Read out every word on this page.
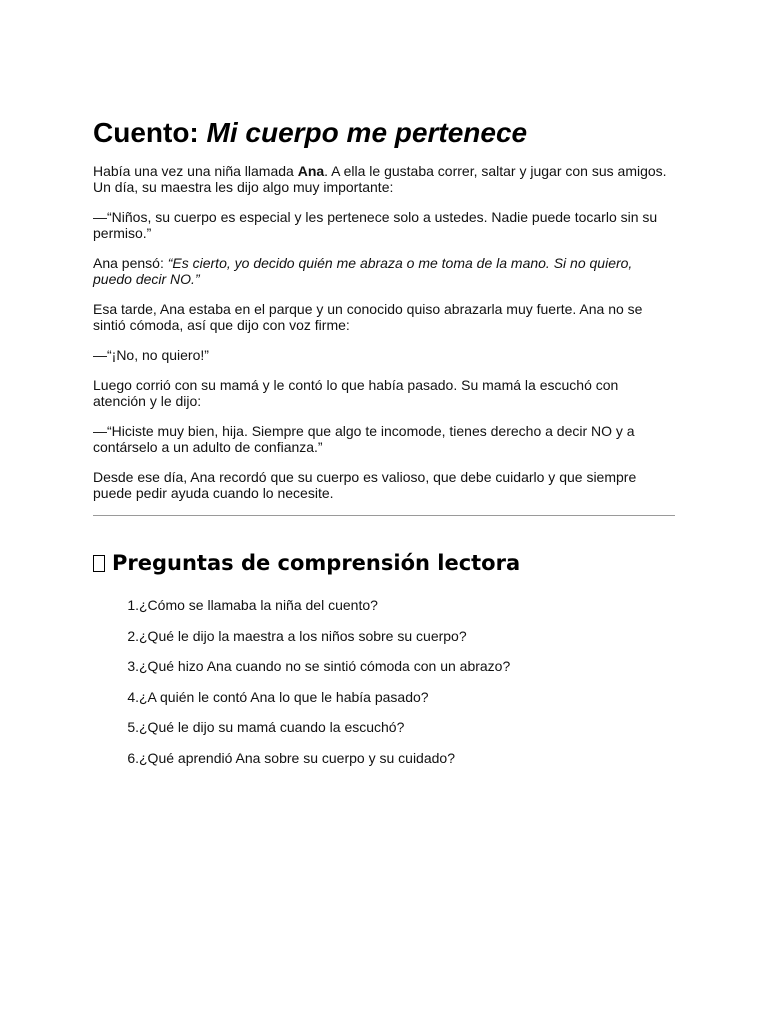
Cuento: Mi cuerpo me pertenece

Había una vez una niña llamada Ana. A ella le gustaba correr, saltar y jugar con sus amigos. Un día, su maestra les dijo algo muy importante:

—“Niños, su cuerpo es especial y les pertenece solo a ustedes. Nadie puede tocarlo sin su permiso.”

Ana pensó: “Es cierto, yo decido quién me abraza o me toma de la mano. Si no quiero, puedo decir NO.”

Esa tarde, Ana estaba en el parque y un conocido quiso abrazarla muy fuerte. Ana no se sintió cómoda, así que dijo con voz firme:

—“¡No, no quiero!”

Luego corrió con su mamá y le contó lo que había pasado. Su mamá la escuchó con atención y le dijo:

—“Hiciste muy bien, hija. Siempre que algo te incomode, tienes derecho a decir NO y a contárselo a un adulto de confianza.”

Desde ese día, Ana recordó que su cuerpo es valioso, que debe cuidarlo y que siempre puede pedir ayuda cuando lo necesite.

Preguntas de comprensión lectora
1. ¿Cómo se llamaba la niña del cuento?
2. ¿Qué le dijo la maestra a los niños sobre su cuerpo?
3. ¿Qué hizo Ana cuando no se sintió cómoda con un abrazo?
4. ¿A quién le contó Ana lo que le había pasado?
5. ¿Qué le dijo su mamá cuando la escuchó?
6. ¿Qué aprendió Ana sobre su cuerpo y su cuidado?
